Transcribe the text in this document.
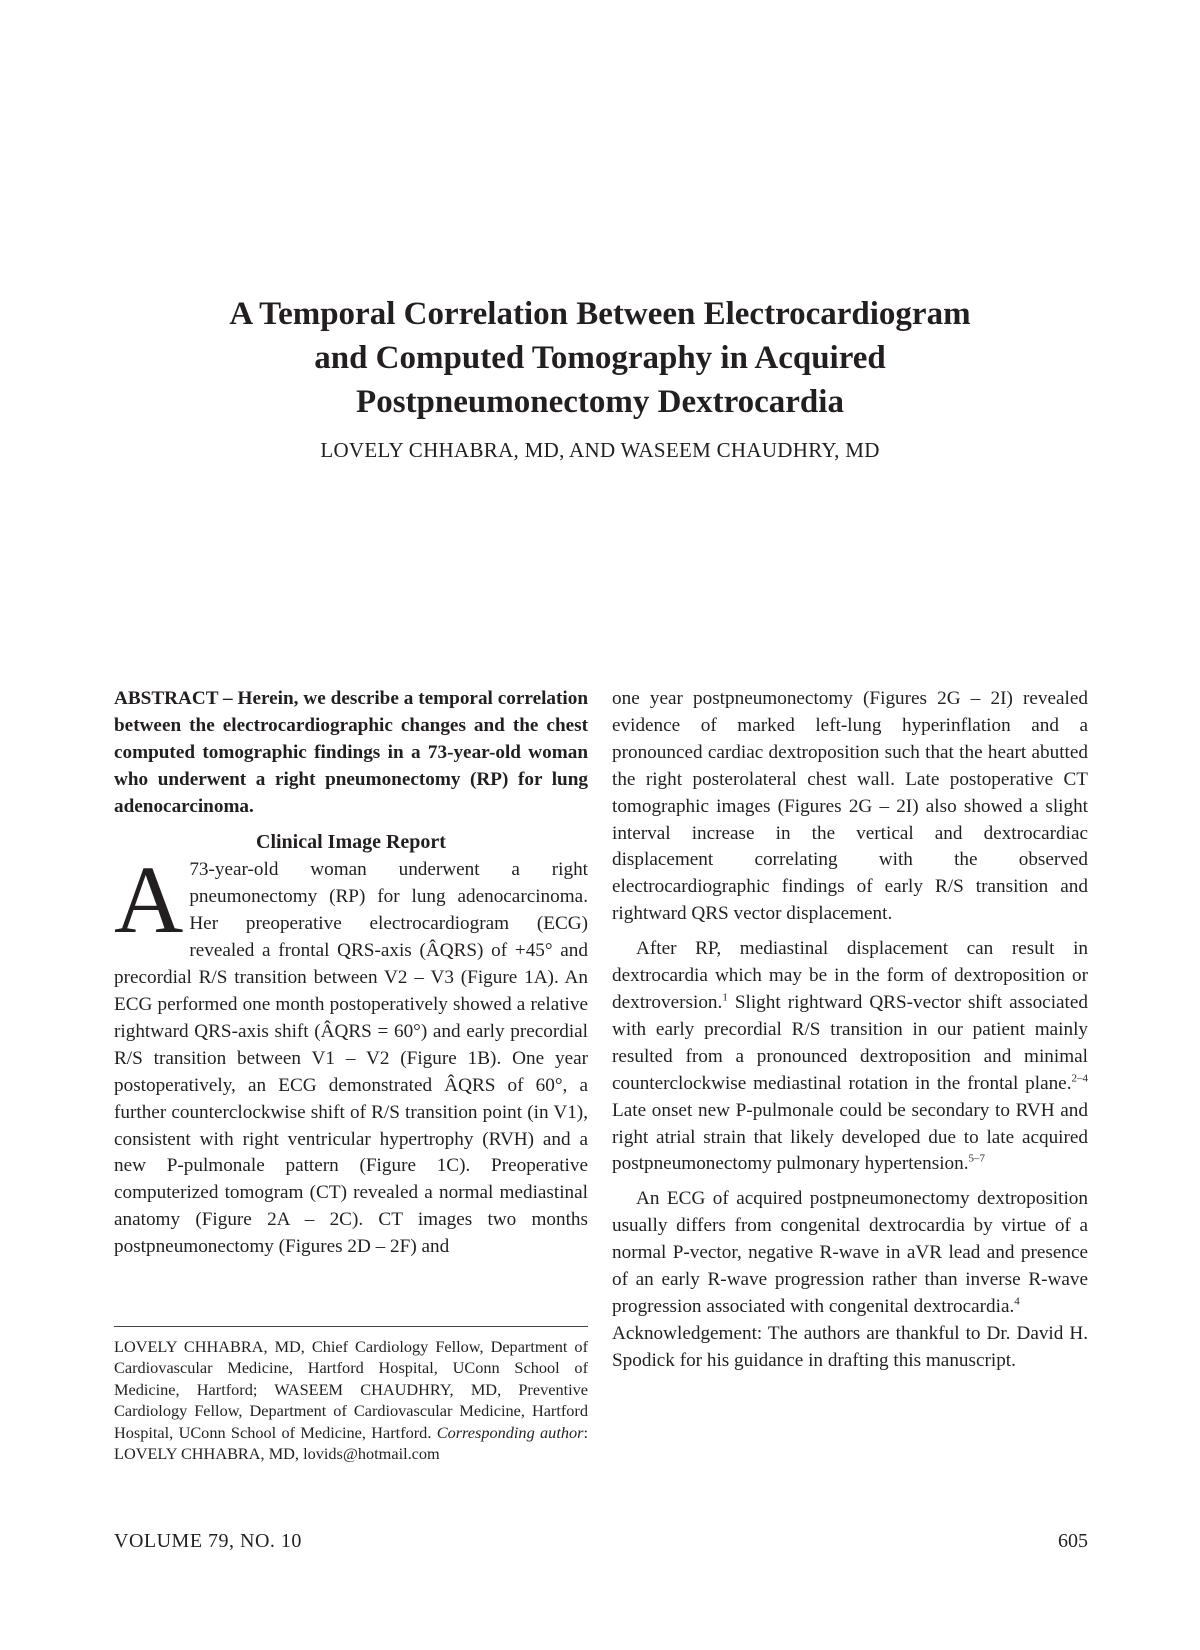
A Temporal Correlation Between Electrocardiogram
and Computed Tomography in Acquired
Postpneumonectomy Dextrocardia
LOVELY CHHABRA, MD, AND WASEEM CHAUDHRY, MD

ABSTRACT – Herein, we describe a temporal correlation between the electrocardiographic changes and the chest computed tomographic findings in a 73-year-old woman who underwent a right pneumonectomy (RP) for lung adenocarcinoma.

Clinical Image Report

A 73-year-old woman underwent a right pneumonectomy (RP) for lung adenocarcinoma. Her preoperative electrocardiogram (ECG) revealed a frontal QRS-axis (ÂQRS) of +45° and precordial R/S transition between V2 – V3 (Figure 1A). An ECG performed one month postoperatively showed a relative rightward QRS-axis shift (ÂQRS = 60°) and early precordial R/S transition between V1 – V2 (Figure 1B). One year postoperatively, an ECG demonstrated ÂQRS of 60°, a further counterclockwise shift of R/S transition point (in V1), consistent with right ventricular hypertrophy (RVH) and a new P-pulmonale pattern (Figure 1C). Preoperative computerized tomogram (CT) revealed a normal mediastinal anatomy (Figure 2A – 2C). CT images two months postpneumonectomy (Figures 2D – 2F) and

LOVELY CHHABRA, MD, Chief Cardiology Fellow, Department of Cardiovascular Medicine, Hartford Hospital, UConn School of Medicine, Hartford; WASEEM CHAUDHRY, MD, Preventive Cardiology Fellow, Department of Cardiovascular Medicine, Hartford Hospital, UConn School of Medicine, Hartford. Corresponding author: LOVELY CHHABRA, MD, lovids@hotmail.com

one year postpneumonectomy (Figures 2G – 2I) revealed evidence of marked left-lung hyperinflation and a pronounced cardiac dextroposition such that the heart abutted the right posterolateral chest wall. Late postoperative CT tomographic images (Figures 2G – 2I) also showed a slight interval increase in the vertical and dextrocardiac displacement correlating with the observed electrocardiographic findings of early R/S transition and rightward QRS vector displacement.

After RP, mediastinal displacement can result in dextrocardia which may be in the form of dextroposition or dextroversion.$^1$ Slight rightward QRS-vector shift associated with early precordial R/S transition in our patient mainly resulted from a pronounced dextroposition and minimal counterclockwise mediastinal rotation in the frontal plane.$^{2-4}$ Late onset new P-pulmonale could be secondary to RVH and right atrial strain that likely developed due to late acquired postpneumonectomy pulmonary hypertension.$^{5-7}$

An ECG of acquired postpneumonectomy dextroposition usually differs from congenital dextrocardia by virtue of a normal P-vector, negative R-wave in aVR lead and presence of an early R-wave progression rather than inverse R-wave progression associated with congenital dextrocardia.$^4$

Acknowledgement: The authors are thankful to Dr. David H. Spodick for his guidance in drafting this manuscript.

VOLUME 79, NO. 10	605
